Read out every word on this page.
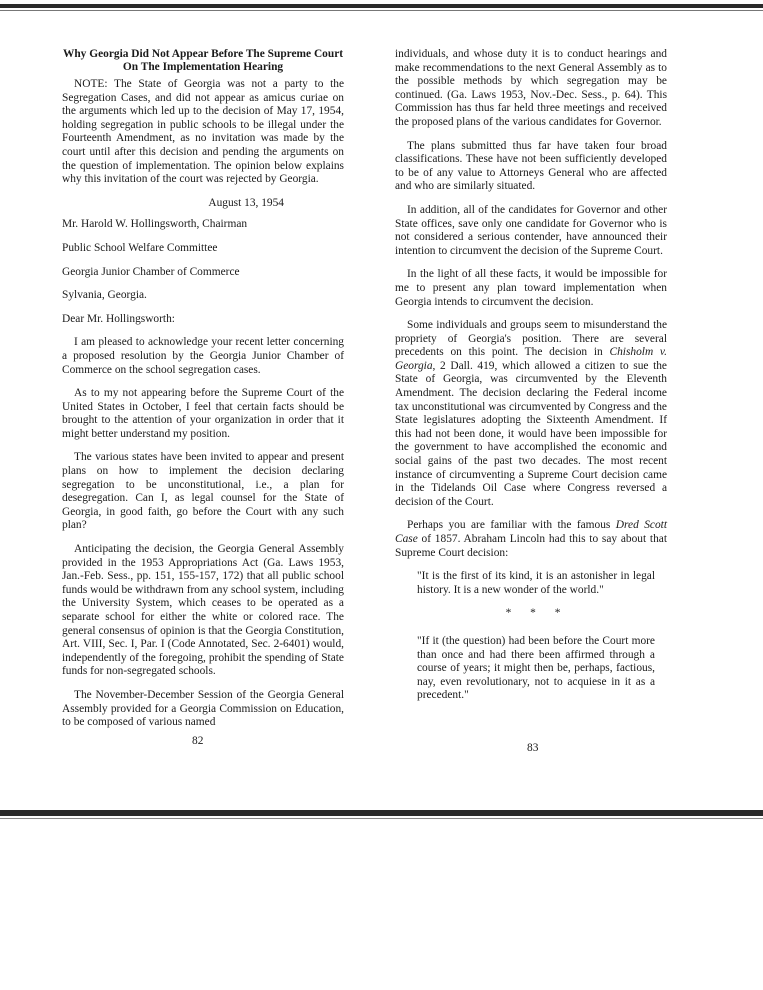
Why Georgia Did Not Appear Before The Supreme Court On The Implementation Hearing

NOTE: The State of Georgia was not a party to the Segregation Cases, and did not appear as amicus curiae on the arguments which led up to the decision of May 17, 1954, holding segregation in public schools to be illegal under the Fourteenth Amendment, as no invitation was made by the court until after this decision and pending the arguments on the question of implementation. The opinion below explains why this invitation of the court was rejected by Georgia.

August 13, 1954

Mr. Harold W. Hollingsworth, Chairman

Public School Welfare Committee

Georgia Junior Chamber of Commerce

Sylvania, Georgia.

Dear Mr. Hollingsworth:

I am pleased to acknowledge your recent letter concerning a proposed resolution by the Georgia Junior Chamber of Commerce on the school segregation cases.

As to my not appearing before the Supreme Court of the United States in October, I feel that certain facts should be brought to the attention of your organization in order that it might better understand my position.

The various states have been invited to appear and present plans on how to implement the decision declaring segregation to be unconstitutional, i.e., a plan for desegregation. Can I, as legal counsel for the State of Georgia, in good faith, go before the Court with any such plan?

Anticipating the decision, the Georgia General Assembly provided in the 1953 Appropriations Act (Ga. Laws 1953, Jan.-Feb. Sess., pp. 151, 155-157, 172) that all public school funds would be withdrawn from any school system, including the University System, which ceases to be operated as a separate school for either the white or colored race. The general consensus of opinion is that the Georgia Constitution, Art. VIII, Sec. I, Par. I (Code Annotated, Sec. 2-6401) would, independently of the foregoing, prohibit the spending of State funds for non-segregated schools.

The November-December Session of the Georgia General Assembly provided for a Georgia Commission on Education, to be composed of various named

82

individuals, and whose duty it is to conduct hearings and make recommendations to the next General Assembly as to the possible methods by which segregation may be continued. (Ga. Laws 1953, Nov.-Dec. Sess., p. 64). This Commission has thus far held three meetings and received the proposed plans of the various candidates for Governor.

The plans submitted thus far have taken four broad classifications. These have not been sufficiently developed to be of any value to Attorneys General who are affected and who are similarly situated.

In addition, all of the candidates for Governor and other State offices, save only one candidate for Governor who is not considered a serious contender, have announced their intention to circumvent the decision of the Supreme Court.

In the light of all these facts, it would be impossible for me to present any plan toward implementation when Georgia intends to circumvent the decision.

Some individuals and groups seem to misunderstand the propriety of Georgia's position. There are several precedents on this point. The decision in Chisholm v. Georgia, 2 Dall. 419, which allowed a citizen to sue the State of Georgia, was circumvented by the Eleventh Amendment. The decision declaring the Federal income tax unconstitutional was circumvented by Congress and the State legislatures adopting the Sixteenth Amendment. If this had not been done, it would have been impossible for the government to have accomplished the economic and social gains of the past two decades. The most recent instance of circumventing a Supreme Court decision came in the Tidelands Oil Case where Congress reversed a decision of the Court.

Perhaps you are familiar with the famous Dred Scott Case of 1857. Abraham Lincoln had this to say about that Supreme Court decision:

"It is the first of its kind, it is an astonisher in legal history. It is a new wonder of the world."

* * *

"If it (the question) had been before the Court more than once and had there been affirmed through a course of years; it might then be, perhaps, factious, nay, even revolutionary, not to acquiese in it as a precedent."

83
